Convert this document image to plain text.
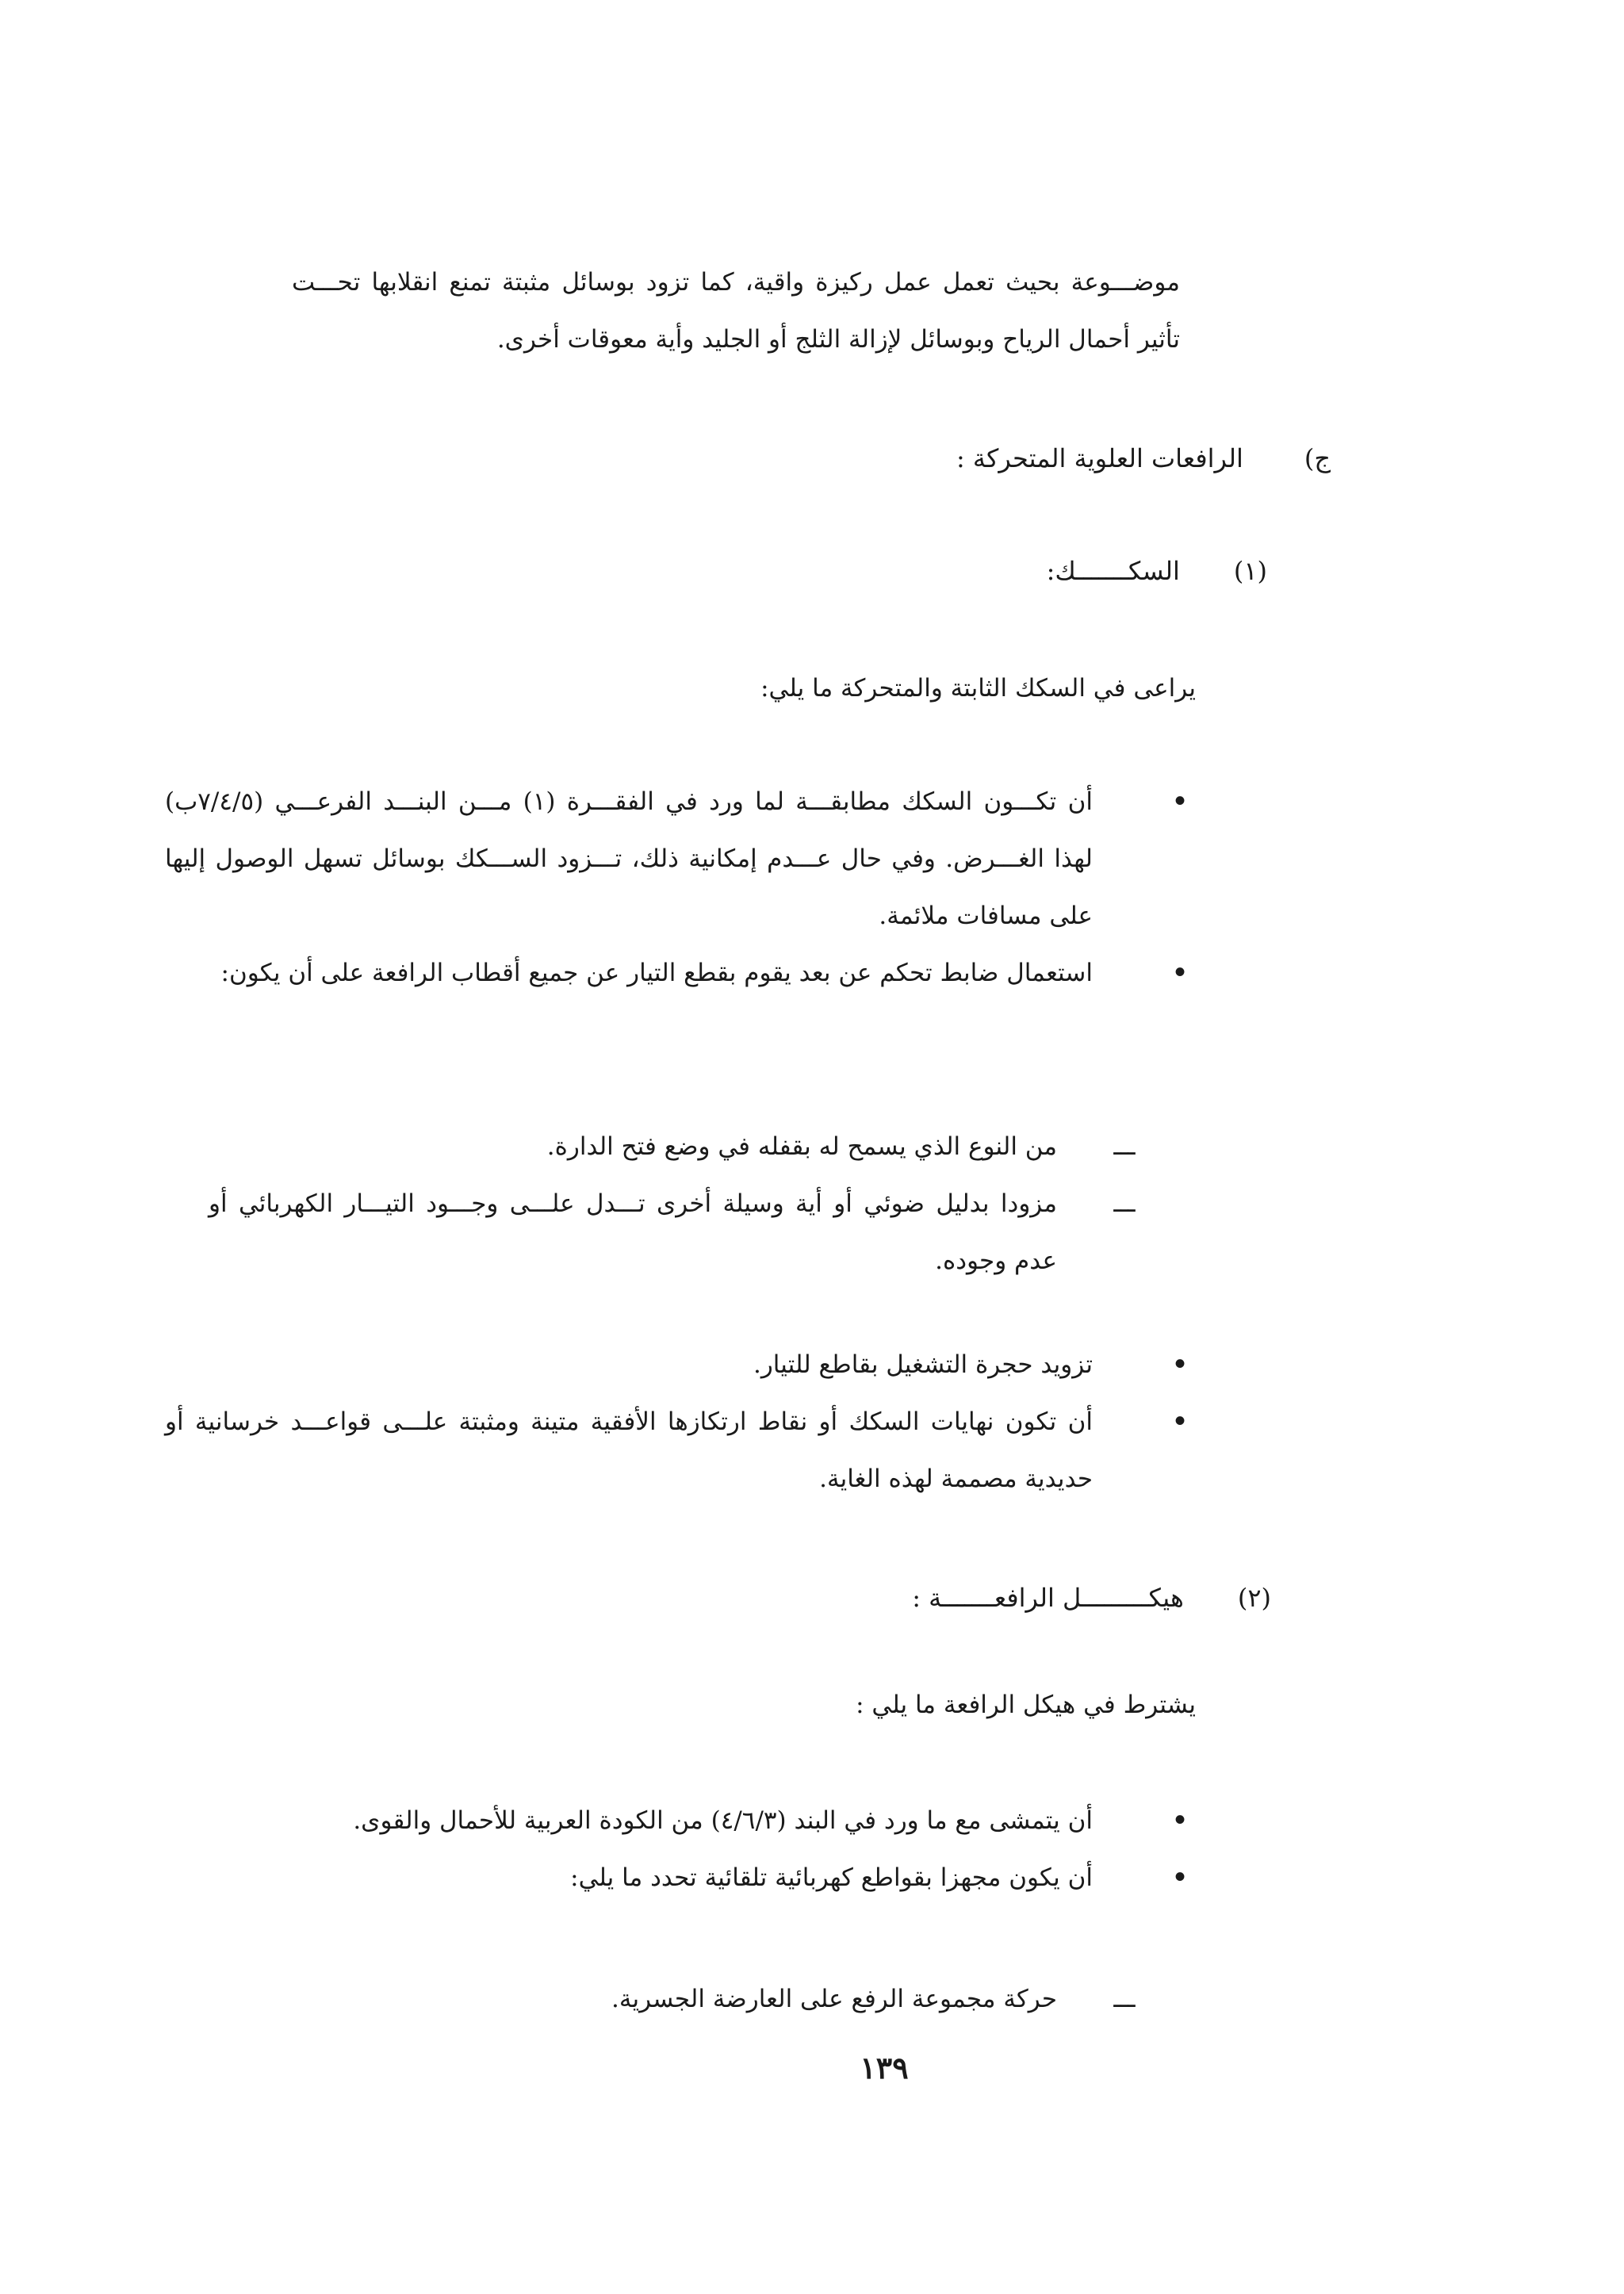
موضـــوعة بحيث تعمل عمل ركيزة واقية، كما تزود بوسائل مثبتة تمنع انقلابها تحـــت تأثير أحمال الرياح وبوسائل لإزالة الثلج أو الجليد وأية معوقات أخرى.
ج) الرافعات العلوية المتحركة :
(١) السكـــــــك:
يراعى في السكك الثابتة والمتحركة ما يلي:
•
أن تكـــون السكك مطابقـــة لما ورد في الفقـــرة (١) مـــن البنـــد الفرعـــي (٧/٤/٥ب) لهذا الغـــرض. وفي حال عـــدم إمكانية ذلك، تـــزود الســـكك بوسائل تسهل الوصول إليها على مسافات ملائمة.
•
استعمال ضابط تحكم عن بعد يقوم بقطع التيار عن جميع أقطاب الرافعة على أن يكون:
ـــ
من النوع الذي يسمح له بقفله في وضع فتح الدارة.
ـــ
مزودا بدليل ضوئي أو أية وسيلة أخرى تـــدل علـــى وجـــود التيـــار الكهربائي أو عدم وجوده.
•
تزويد حجرة التشغيل بقاطع للتيار.
•
أن تكون نهايات السكك أو نقاط ارتكازها الأفقية متينة ومثبتة علـــى قواعـــد خرسانية أو حديدية مصممة لهذه الغاية.
(٢) هيكـــــــــل الرافعـــــــة :
يشترط في هيكل الرافعة ما يلي :
•
أن يتمشى مع ما ورد في البند (٤/٦/٣) من الكودة العربية للأحمال والقوى.
•
أن يكون مجهزا بقواطع كهربائية تلقائية تحدد ما يلي:
ـــ
حركة مجموعة الرفع على العارضة الجسرية.
١٣٩
